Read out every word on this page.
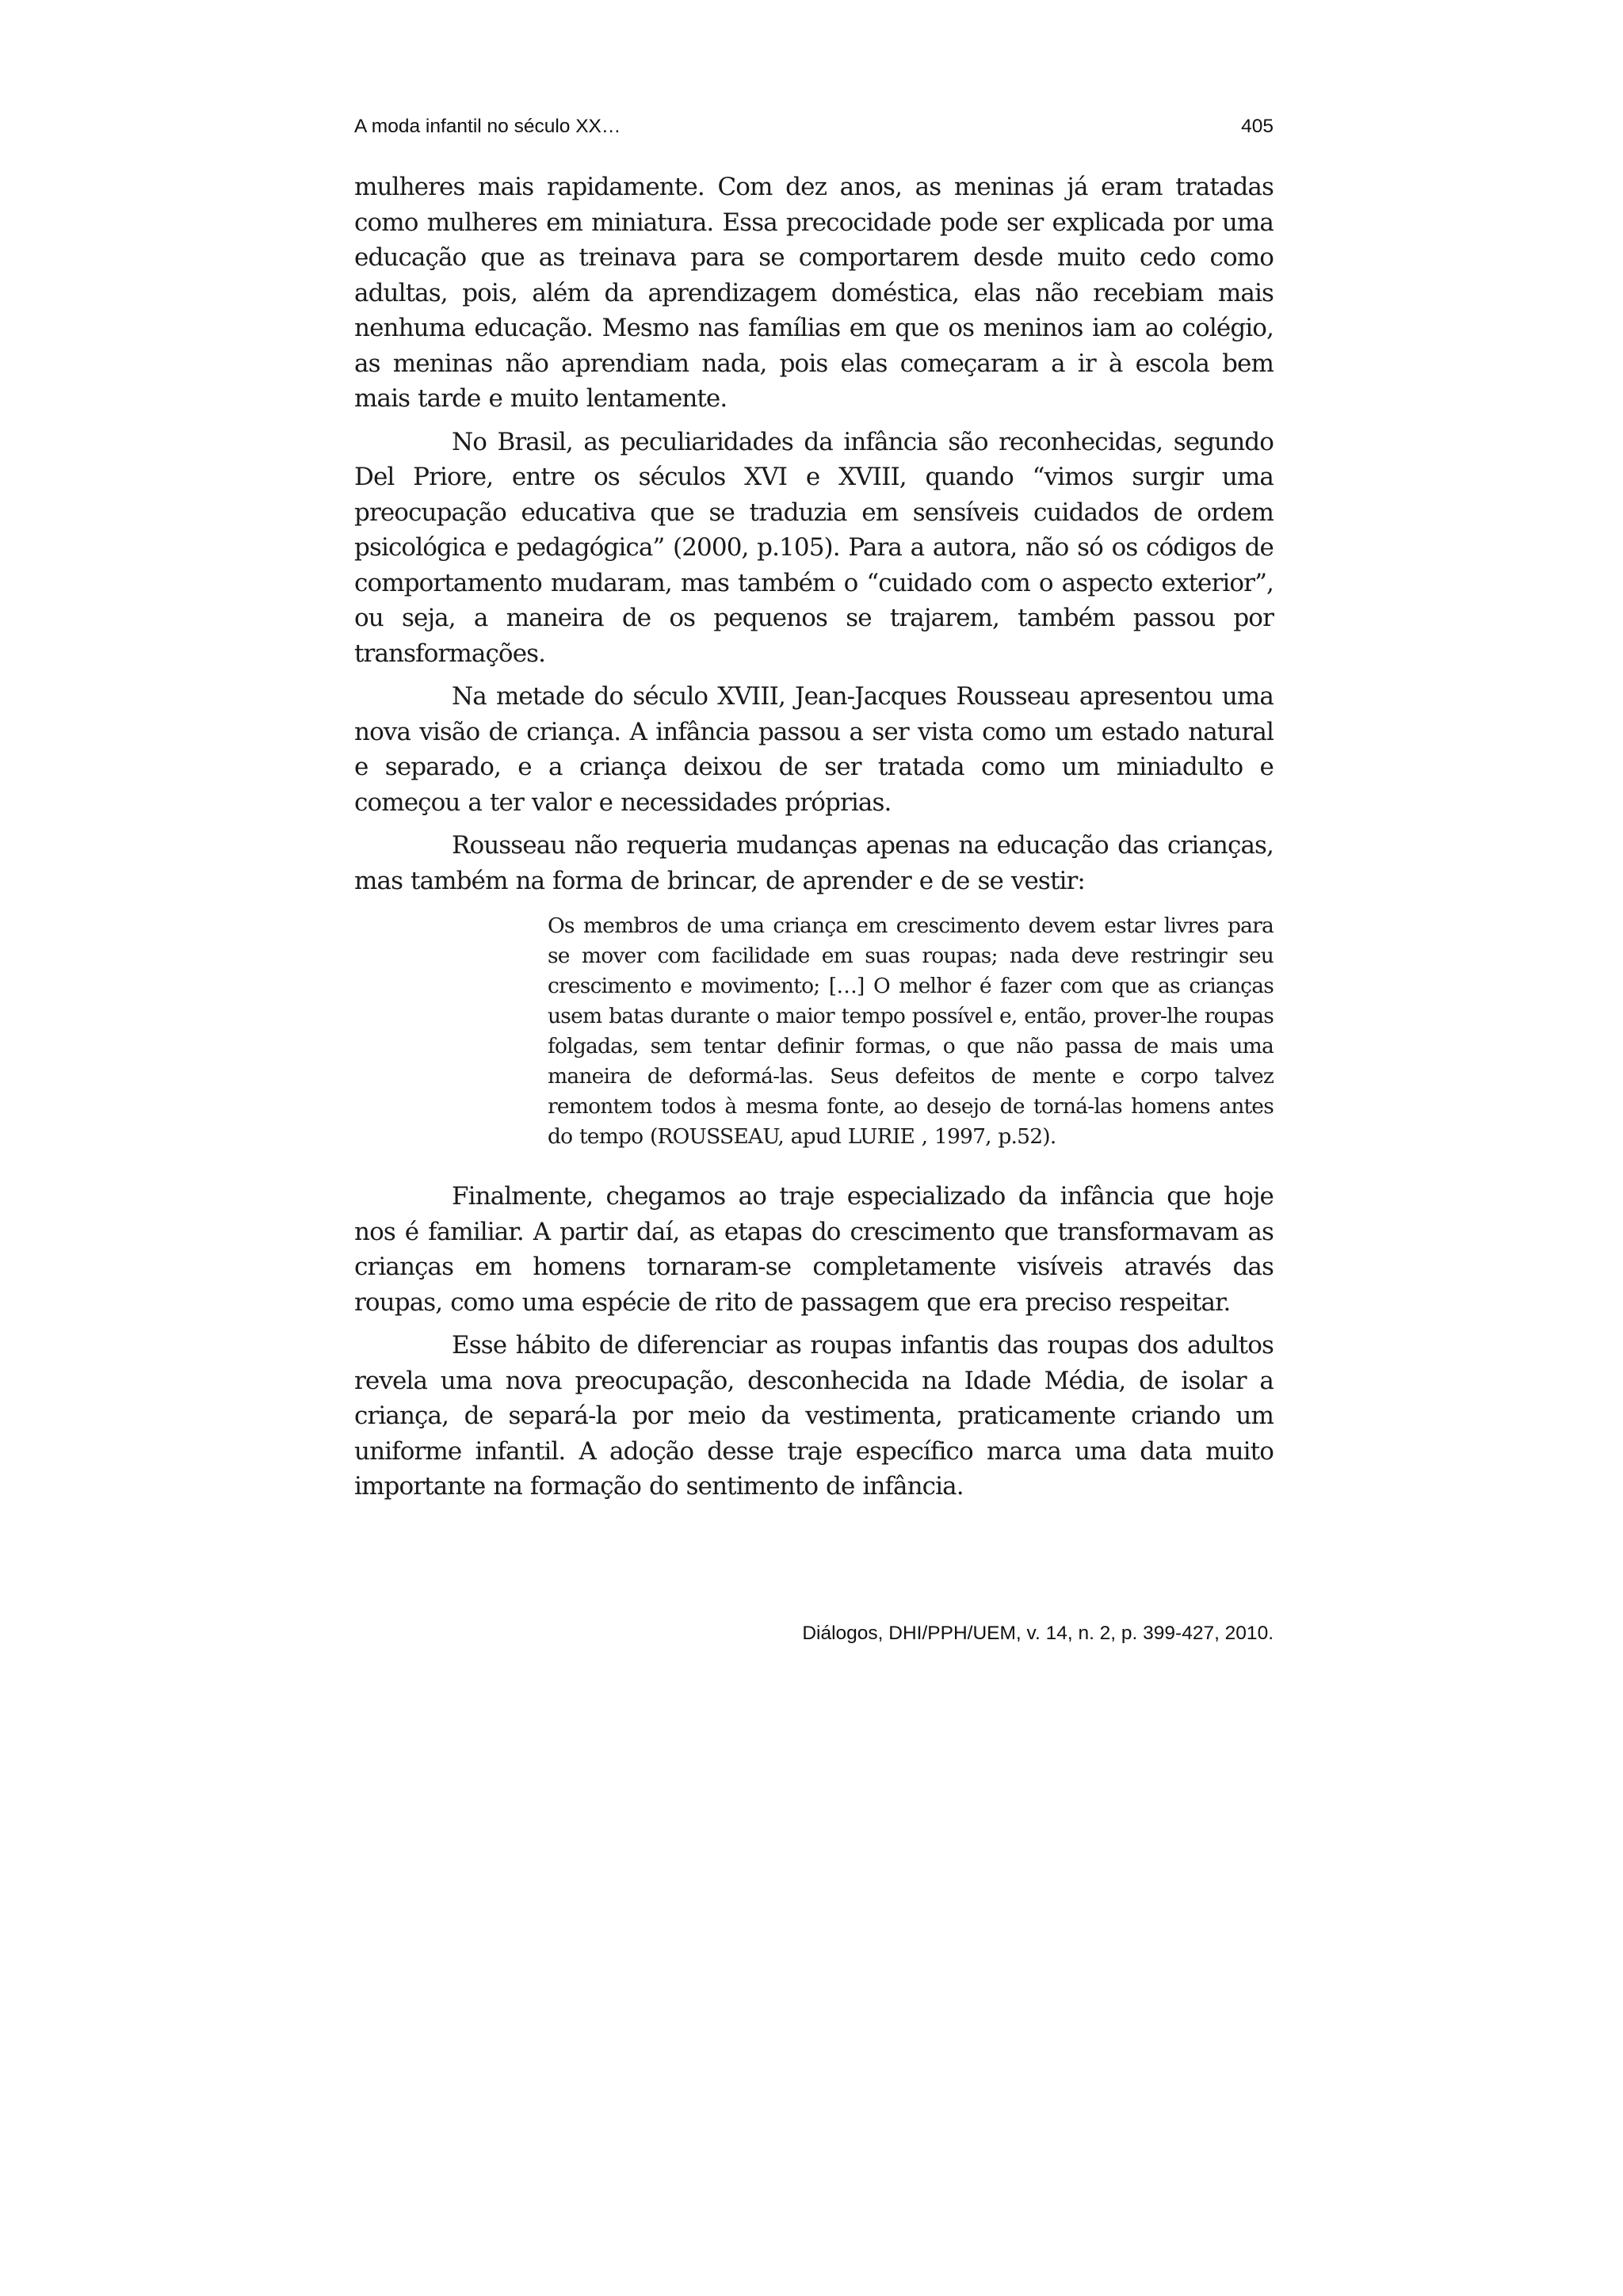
A moda infantil no século XX…	405

mulheres mais rapidamente. Com dez anos, as meninas já eram tratadas como mulheres em miniatura. Essa precocidade pode ser explicada por uma educação que as treinava para se comportarem desde muito cedo como adultas, pois, além da aprendizagem doméstica, elas não recebiam mais nenhuma educação. Mesmo nas famílias em que os meninos iam ao colégio, as meninas não aprendiam nada, pois elas começaram a ir à escola bem mais tarde e muito lentamente.

No Brasil, as peculiaridades da infância são reconhecidas, segundo Del Priore, entre os séculos XVI e XVIII, quando “vimos surgir uma preocupação educativa que se traduzia em sensíveis cuidados de ordem psicológica e pedagógica” (2000, p.105). Para a autora, não só os códigos de comportamento mudaram, mas também o “cuidado com o aspecto exterior”, ou seja, a maneira de os pequenos se trajarem, também passou por transformações.

Na metade do século XVIII, Jean-Jacques Rousseau apresentou uma nova visão de criança. A infância passou a ser vista como um estado natural e separado, e a criança deixou de ser tratada como um miniadulto e começou a ter valor e necessidades próprias.

Rousseau não requeria mudanças apenas na educação das crianças, mas também na forma de brincar, de aprender e de se vestir:

Os membros de uma criança em crescimento devem estar livres para se mover com facilidade em suas roupas; nada deve restringir seu crescimento e movimento; […] O melhor é fazer com que as crianças usem batas durante o maior tempo possível e, então, prover-lhe roupas folgadas, sem tentar definir formas, o que não passa de mais uma maneira de deformá-las. Seus defeitos de mente e corpo talvez remontem todos à mesma fonte, ao desejo de torná-las homens antes do tempo (ROUSSEAU, apud LURIE , 1997, p.52).

Finalmente, chegamos ao traje especializado da infância que hoje nos é familiar. A partir daí, as etapas do crescimento que transformavam as crianças em homens tornaram-se completamente visíveis através das roupas, como uma espécie de rito de passagem que era preciso respeitar.

Esse hábito de diferenciar as roupas infantis das roupas dos adultos revela uma nova preocupação, desconhecida na Idade Média, de isolar a criança, de separá-la por meio da vestimenta, praticamente criando um uniforme infantil. A adoção desse traje específico marca uma data muito importante na formação do sentimento de infância.

Diálogos, DHI/PPH/UEM, v. 14, n. 2, p. 399-427, 2010.
